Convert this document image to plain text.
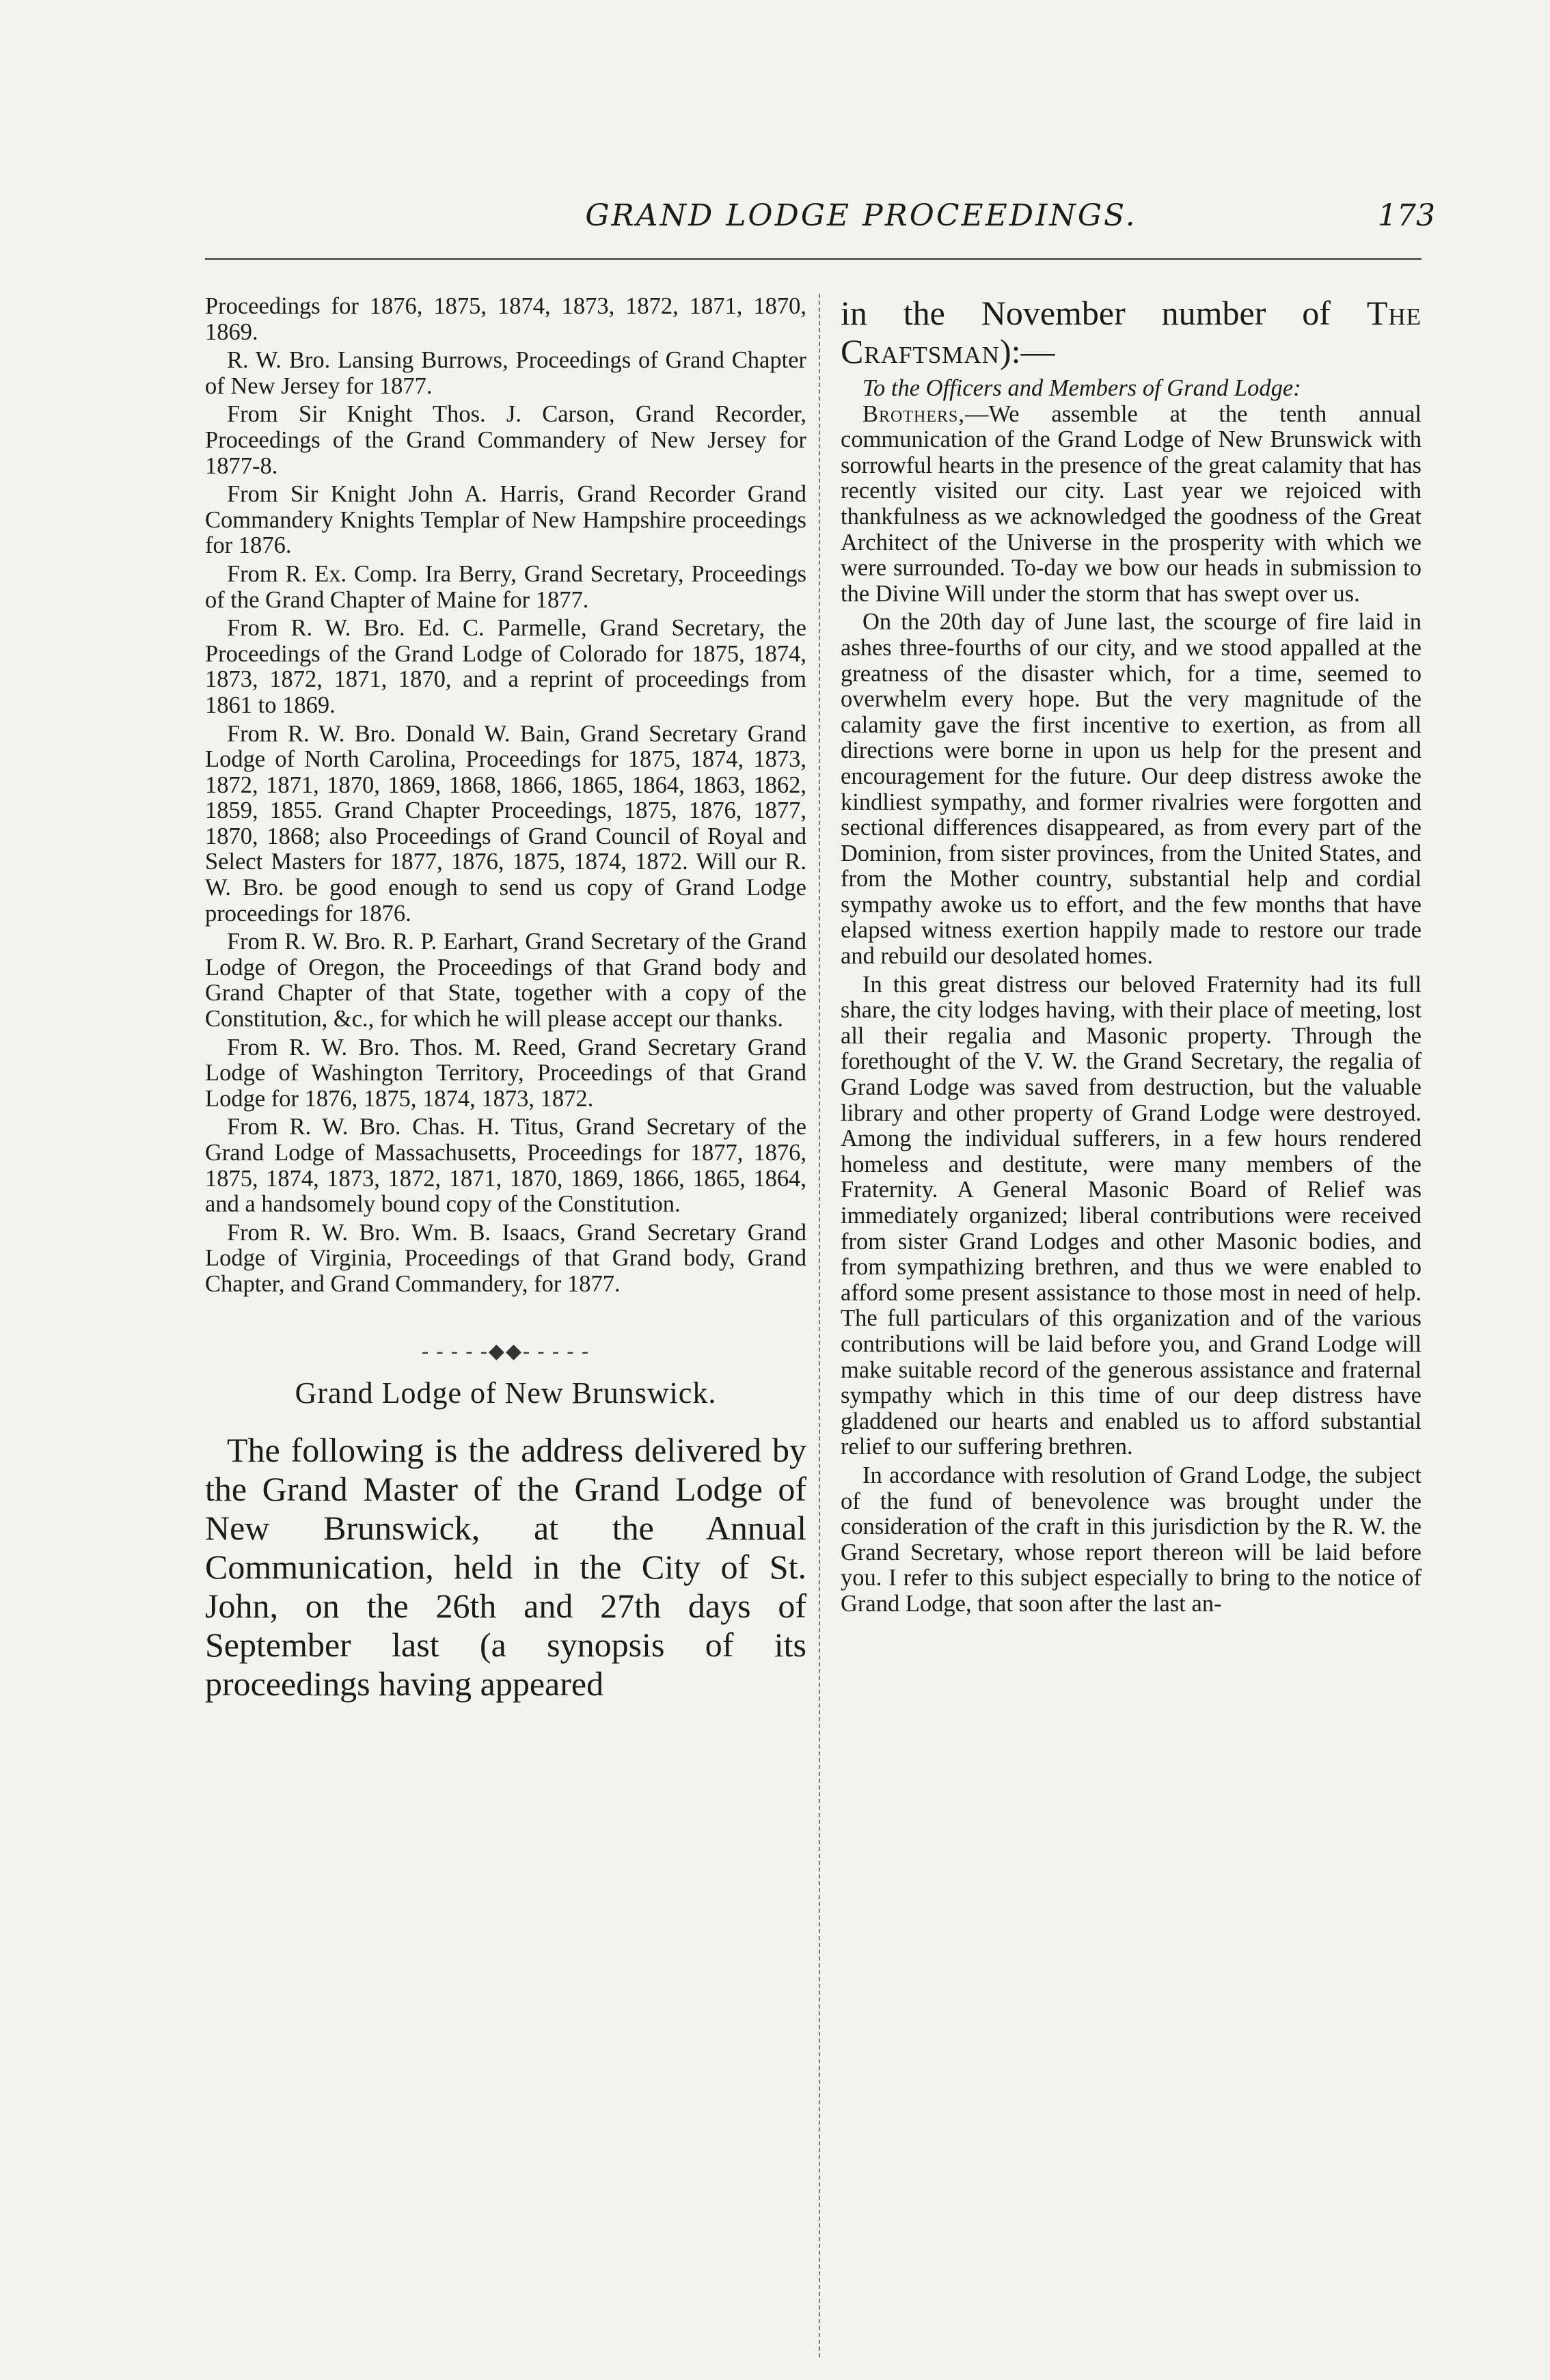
GRAND LODGE PROCEEDINGS.	173

Proceedings for 1876, 1875, 1874, 1873, 1872, 1871, 1870, 1869.

R. W. Bro. Lansing Burrows, Proceedings of Grand Chapter of New Jersey for 1877.

From Sir Knight Thos. J. Carson, Grand Recorder, Proceedings of the Grand Commandery of New Jersey for 1877-8.

From Sir Knight John A. Harris, Grand Recorder Grand Commandery Knights Templar of New Hampshire proceedings for 1876.

From R. Ex. Comp. Ira Berry, Grand Secretary, Proceedings of the Grand Chapter of Maine for 1877.

From R. W. Bro. Ed. C. Parmelle, Grand Secretary, the Proceedings of the Grand Lodge of Colorado for 1875, 1874, 1873, 1872, 1871, 1870, and a reprint of proceedings from 1861 to 1869.

From R. W. Bro. Donald W. Bain, Grand Secretary Grand Lodge of North Carolina, Proceedings for 1875, 1874, 1873, 1872, 1871, 1870, 1869, 1868, 1866, 1865, 1864, 1863, 1862, 1859, 1855. Grand Chapter Proceedings, 1875, 1876, 1877, 1870, 1868; also Proceedings of Grand Council of Royal and Select Masters for 1877, 1876, 1875, 1874, 1872. Will our R. W. Bro. be good enough to send us copy of Grand Lodge proceedings for 1876.

From R. W. Bro. R. P. Earhart, Grand Secretary of the Grand Lodge of Oregon, the Proceedings of that Grand body and Grand Chapter of that State, together with a copy of the Constitution, &c., for which he will please accept our thanks.

From R. W. Bro. Thos. M. Reed, Grand Secretary Grand Lodge of Washington Territory, Proceedings of that Grand Lodge for 1876, 1875, 1874, 1873, 1872.

From R. W. Bro. Chas. H. Titus, Grand Secretary of the Grand Lodge of Massachusetts, Proceedings for 1877, 1876, 1875, 1874, 1873, 1872, 1871, 1870, 1869, 1866, 1865, 1864, and a handsomely bound copy of the Constitution.

From R. W. Bro. Wm. B. Isaacs, Grand Secretary Grand Lodge of Virginia, Proceedings of that Grand body, Grand Chapter, and Grand Commandery, for 1877.

- - - - -◆◆- - - - -
Grand Lodge of New Brunswick.

The following is the address delivered by the Grand Master of the Grand Lodge of New Brunswick, at the Annual Communication, held in the City of St. John, on the 26th and 27th days of September last (a synopsis of its proceedings having appeared

in the November number of The Craftsman):—

To the Officers and Members of Grand Lodge:

Brothers,—We assemble at the tenth annual communication of the Grand Lodge of New Brunswick with sorrowful hearts in the presence of the great calamity that has recently visited our city. Last year we rejoiced with thankfulness as we acknowledged the goodness of the Great Architect of the Universe in the prosperity with which we were surrounded. To-day we bow our heads in submission to the Divine Will under the storm that has swept over us.

On the 20th day of June last, the scourge of fire laid in ashes three-fourths of our city, and we stood appalled at the greatness of the disaster which, for a time, seemed to overwhelm every hope. But the very magnitude of the calamity gave the first incentive to exertion, as from all directions were borne in upon us help for the present and encouragement for the future. Our deep distress awoke the kindliest sympathy, and former rivalries were forgotten and sectional differences disappeared, as from every part of the Dominion, from sister provinces, from the United States, and from the Mother country, substantial help and cordial sympathy awoke us to effort, and the few months that have elapsed witness exertion happily made to restore our trade and rebuild our desolated homes.

In this great distress our beloved Fraternity had its full share, the city lodges having, with their place of meeting, lost all their regalia and Masonic property. Through the forethought of the V. W. the Grand Secretary, the regalia of Grand Lodge was saved from destruction, but the valuable library and other property of Grand Lodge were destroyed. Among the individual sufferers, in a few hours rendered homeless and destitute, were many members of the Fraternity. A General Masonic Board of Relief was immediately organized; liberal contributions were received from sister Grand Lodges and other Masonic bodies, and from sympathizing brethren, and thus we were enabled to afford some present assistance to those most in need of help. The full particulars of this organization and of the various contributions will be laid before you, and Grand Lodge will make suitable record of the generous assistance and fraternal sympathy which in this time of our deep distress have gladdened our hearts and enabled us to afford substantial relief to our suffering brethren.

In accordance with resolution of Grand Lodge, the subject of the fund of benevolence was brought under the consideration of the craft in this jurisdiction by the R. W. the Grand Secretary, whose report thereon will be laid before you. I refer to this subject especially to bring to the notice of Grand Lodge, that soon after the last an-
